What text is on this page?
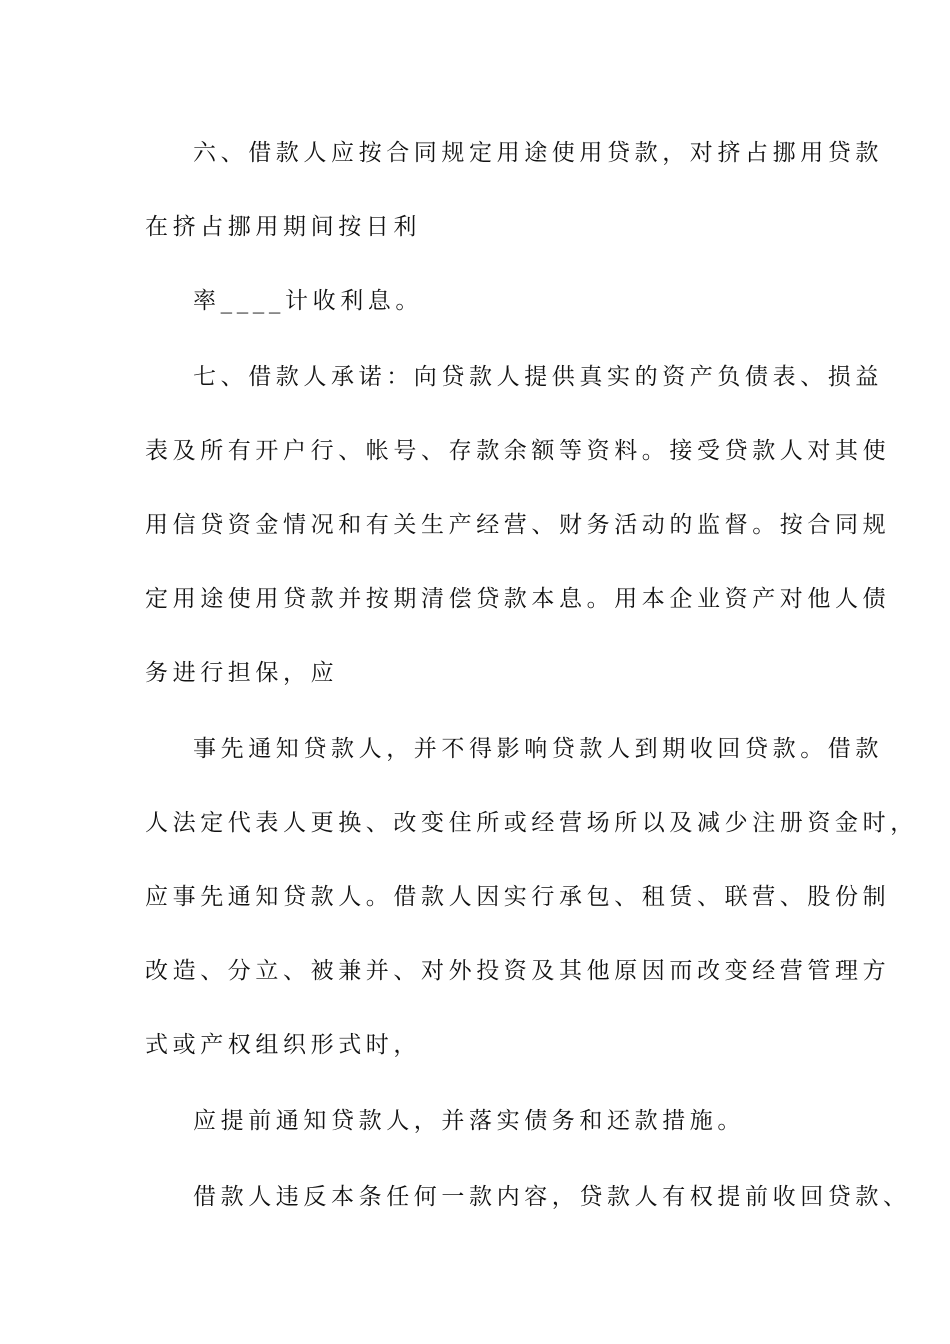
六、借款人应按合同规定用途使用贷款，对挤占挪用贷款
在挤占挪用期间按日利
率____计收利息。
七、借款人承诺：向贷款人提供真实的资产负债表、损益
表及所有开户行、帐号、存款余额等资料。接受贷款人对其使
用信贷资金情况和有关生产经营、财务活动的监督。按合同规
定用途使用贷款并按期清偿贷款本息。用本企业资产对他人债
务进行担保，应
事先通知贷款人，并不得影响贷款人到期收回贷款。借款
人法定代表人更换、改变住所或经营场所以及减少注册资金时，
应事先通知贷款人。借款人因实行承包、租赁、联营、股份制
改造、分立、被兼并、对外投资及其他原因而改变经营管理方
式或产权组织形式时，
应提前通知贷款人，并落实债务和还款措施。
借款人违反本条任何一款内容，贷款人有权提前收回贷款、
